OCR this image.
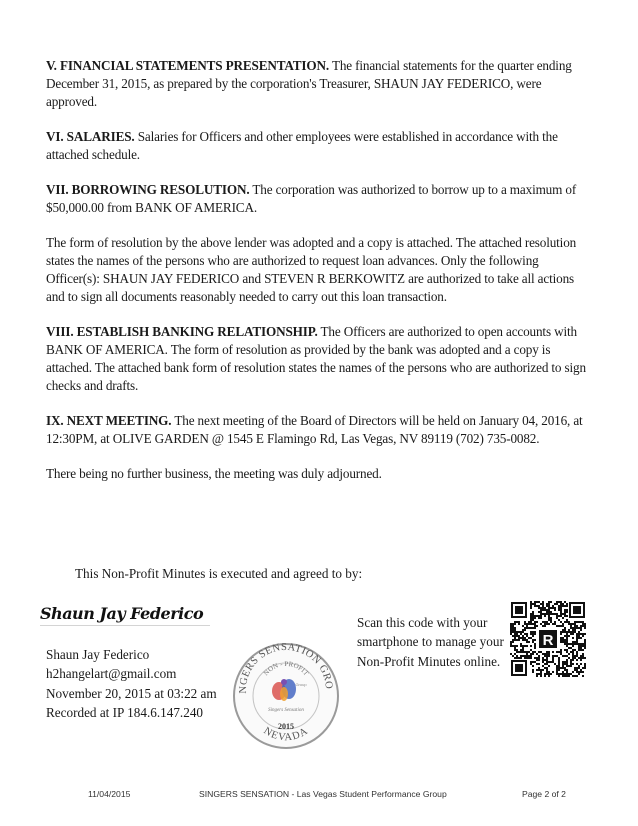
V. FINANCIAL STATEMENTS PRESENTATION. The financial statements for the quarter ending December 31, 2015, as prepared by the corporation's Treasurer, SHAUN JAY FEDERICO, were approved.

VI. SALARIES. Salaries for Officers and other employees were established in accordance with the attached schedule.

VII. BORROWING RESOLUTION. The corporation was authorized to borrow up to a maximum of $50,000.00 from BANK OF AMERICA.

The form of resolution by the above lender was adopted and a copy is attached. The attached resolution states the names of the persons who are authorized to request loan advances. Only the following Officer(s): SHAUN JAY FEDERICO and STEVEN R BERKOWITZ are authorized to take all actions and to sign all documents reasonably needed to carry out this loan transaction.

VIII. ESTABLISH BANKING RELATIONSHIP. The Officers are authorized to open accounts with BANK OF AMERICA. The form of resolution as provided by the bank was adopted and a copy is attached. The attached bank form of resolution states the names of the persons who are authorized to sign checks and drafts.

IX. NEXT MEETING. The next meeting of the Board of Directors will be held on January 04, 2016, at 12:30PM, at OLIVE GARDEN @ 1545 E Flamingo Rd, Las Vegas, NV 89119 (702) 735-0082.

There being no further business, the meeting was duly adjourned.

This Non-Profit Minutes is executed and agreed to by:
Shaun Jay Federico
Shaun Jay Federico
h2hangelart@gmail.com
November 20, 2015 at 03:22 am
Recorded at IP 184.6.147.240
NGERS SENSATION GRO
NON - PROFIT
NEVADA
Singers Sensation
Group
2015
Scan this code with your smartphone to manage your Non-Profit Minutes online.
R
11/04/2015	SINGERS SENSATION - Las Vegas Student Performance Group	Page 2 of 2
